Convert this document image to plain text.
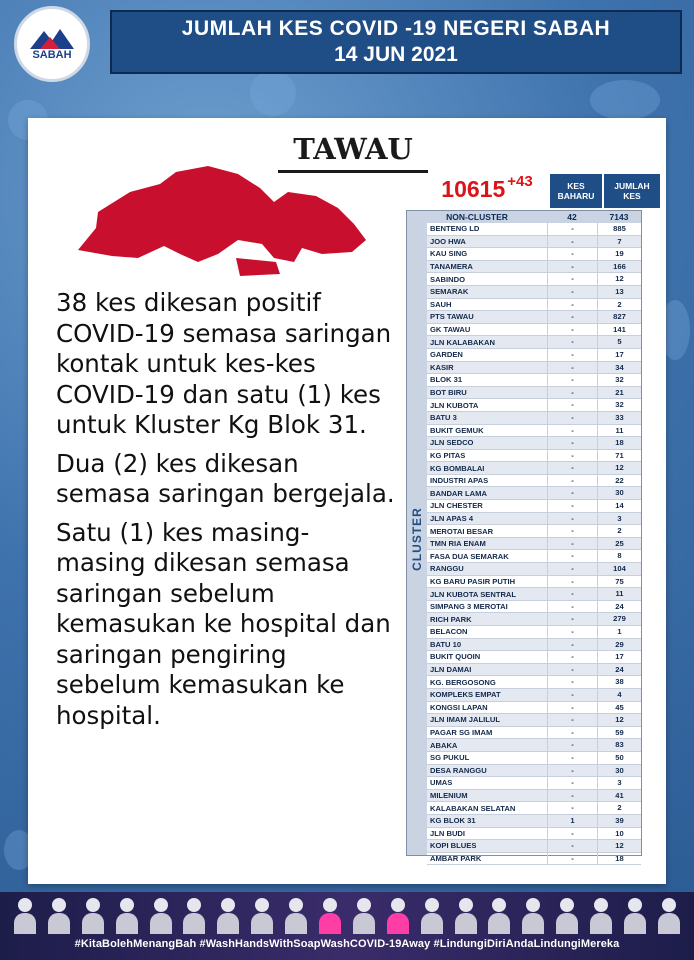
SABAH
JUMLAH KES COVID -19 NEGERI SABAH
14 JUN 2021
TAWAU

38 kes dikesan positif COVID-19 semasa saringan kontak untuk kes-kes COVID-19 dan satu (1) kes untuk Kluster Kg Blok 31.

Dua (2) kes dikesan semasa saringan bergejala.

Satu (1) kes masing-masing dikesan semasa saringan sebelum kemasukan ke hospital dan saringan pengiring sebelum kemasukan ke hospital.

$10615^{+43}$	KES
BAHARU
JUMLAH
KES
NON-CLUSTER	42	7143
CLUSTER
BENTENG LD	-	885
JOO HWA	-	7
KAU SING	-	19
TANAMERA	-	166
SABINDO	-	12
SEMARAK	-	13
SAUH	-	2
PTS TAWAU	-	827
GK TAWAU	-	141
JLN KALABAKAN	-	5
GARDEN	-	17
KASIR	-	34
BLOK 31	-	32
BOT BIRU	-	21
JLN KUBOTA	-	32
BATU 3	-	33
BUKIT GEMUK	-	11
JLN SEDCO	-	18
KG PITAS	-	71
KG BOMBALAI	-	12
INDUSTRI APAS	-	22
BANDAR LAMA	-	30
JLN CHESTER	-	14
JLN APAS 4	-	3
MEROTAI BESAR	-	2
TMN RIA ENAM	-	25
FASA DUA SEMARAK	-	8
RANGGU	-	104
KG BARU PASIR PUTIH	-	75
JLN KUBOTA SENTRAL	-	11
SIMPANG 3 MEROTAI	-	24
RICH PARK	-	279
BELACON	-	1
BATU 10	-	29
BUKIT QUOIN	-	17
JLN DAMAI	-	24
KG. BERGOSONG	-	38
KOMPLEKS EMPAT	-	4
KONGSI LAPAN	-	45
JLN IMAM JALILUL	-	12
PAGAR SG IMAM	-	59
ABAKA	-	83
SG PUKUL	-	50
DESA RANGGU	-	30
UMAS	-	3
MILENIUM	-	41
KALABAKAN SELATAN	-	2
KG BLOK 31	1	39
JLN BUDI	-	10
KOPI BLUES	-	12
AMBAR PARK	-	18
#KitaBolehMenangBah #WashHandsWithSoapWashCOVID-19Away #LindungiDiriAndaLindungiMereka
